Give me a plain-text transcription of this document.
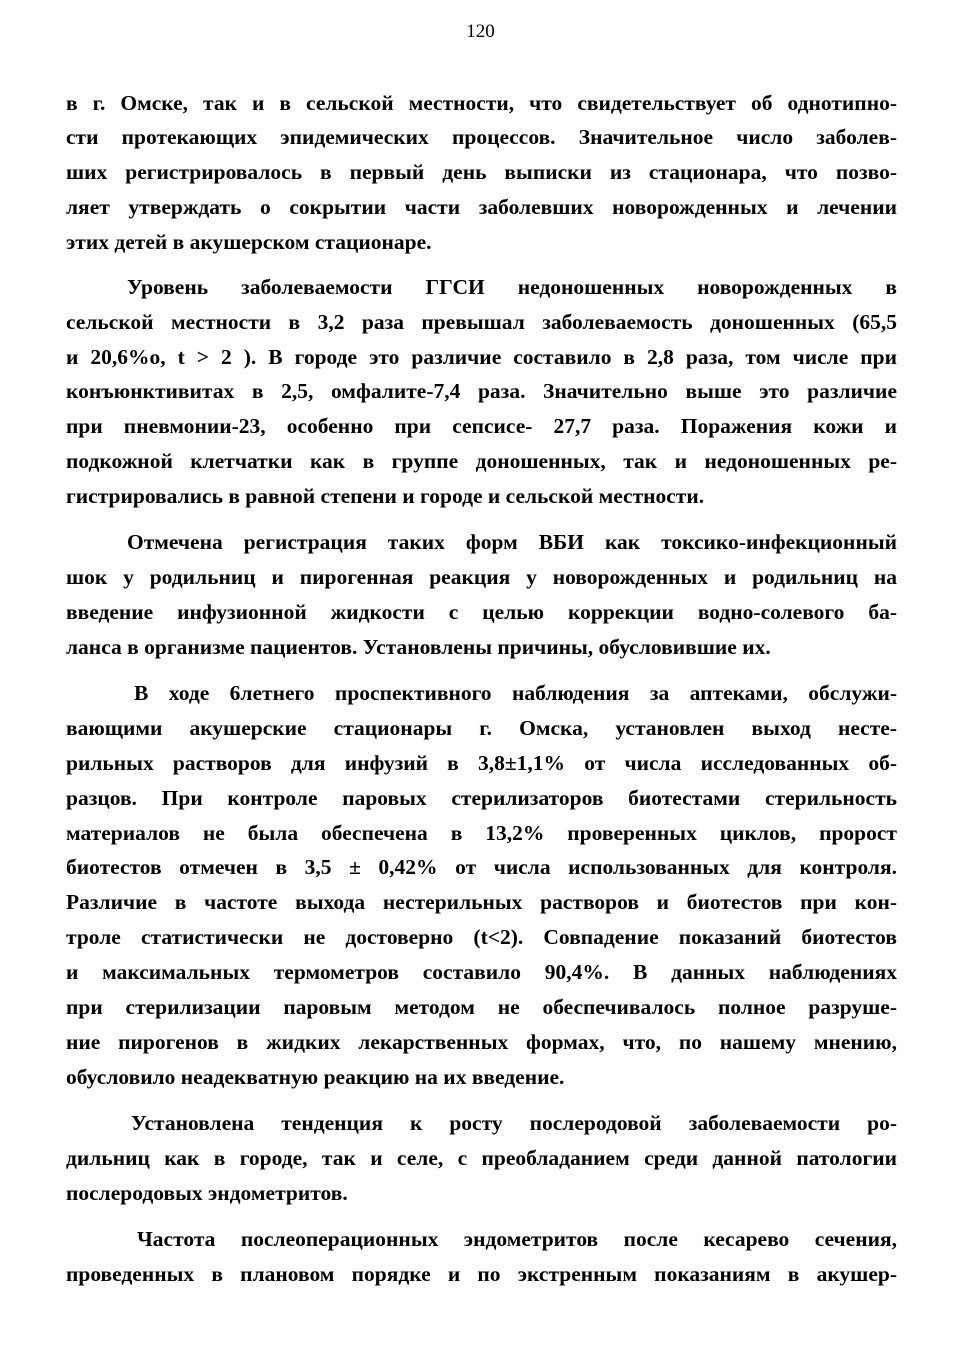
120
в г. Омске, так и в сельской местности, что свидетельствует об однотипно-
сти протекающих эпидемических процессов. Значительное число заболев-
ших регистрировалось в первый день выписки из стационара, что позво-
ляет утверждать о сокрытии части заболевших новорожденных и лечении
этих детей в акушерском стационаре.
Уровень заболеваемости ГГСИ недоношенных новорожденных в
сельской местности в 3,2 раза превышал заболеваемость доношенных (65,5
и 20,6%о, t > 2 ). В городе это различие составило в 2,8 раза, том числе при
конъюнктивитах в 2,5, омфалите-7,4 раза. Значительно выше это различие
при пневмонии-23, особенно при сепсисе- 27,7 раза. Поражения кожи и
подкожной клетчатки как в группе доношенных, так и недоношенных ре-
гистрировались в равной степени и городе и сельской местности.
Отмечена регистрация таких форм ВБИ как токсико-инфекционный
шок у родильниц и пирогенная реакция у новорожденных и родильниц на
введение инфузионной жидкости с целью коррекции водно-солевого ба-
ланса в организме пациентов. Установлены причины, обусловившие их.
В ходе 6летнего проспективного наблюдения за аптеками, обслужи-
вающими акушерские стационары г. Омска, установлен выход несте-
рильных растворов для инфузий в 3,8±1,1% от числа исследованных об-
разцов. При контроле паровых стерилизаторов биотестами стерильность
материалов не была обеспечена в 13,2% проверенных циклов, пророст
биотестов отмечен в 3,5 ± 0,42% от числа использованных для контроля.
Различие в частоте выхода нестерильных растворов и биотестов при кон-
троле статистически не достоверно (t<2). Совпадение показаний биотестов
и максимальных термометров составило 90,4%. В данных наблюдениях
при стерилизации паровым методом не обеспечивалось полное разруше-
ние пирогенов в жидких лекарственных формах, что, по нашему мнению,
обусловило неадекватную реакцию на их введение.
Установлена тенденция к росту послеродовой заболеваемости ро-
дильниц как в городе, так и селе, с преобладанием среди данной патологии
послеродовых эндометритов.
Частота послеоперационных эндометритов после кесарево сечения,
проведенных в плановом порядке и по экстренным показаниям в акушер-
